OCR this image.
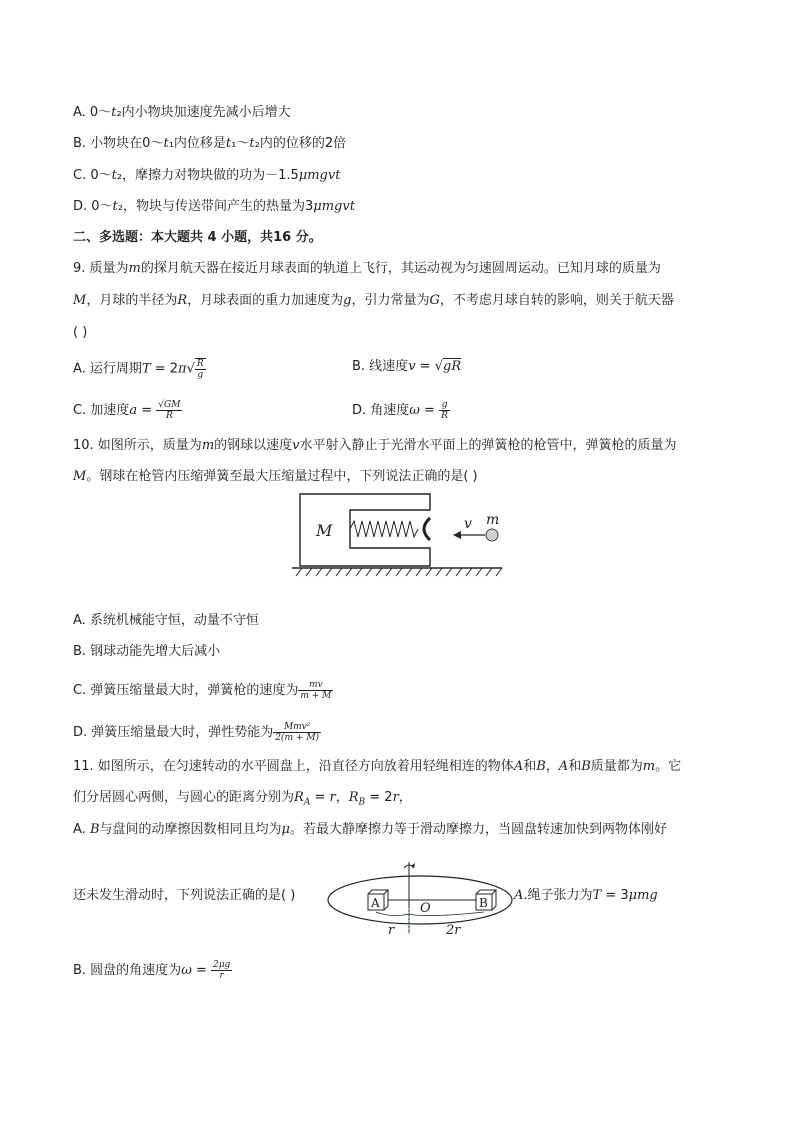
A. 0～t₂内小物块加速度先减小后增大
B. 小物块在0～t₁内位移是t₁～t₂内的位移的2倍
C. 0～t₂，摩擦力对物块做的功为－1.5μmgvt
D. 0～t₂，物块与传送带间产生的热量为3μmgvt
二、多选题：本大题共 4 小题，共16 分。
9. 质量为m的探月航天器在接近月球表面的轨道上飞行，其运动视为匀速圆周运动。已知月球的质量为
M，月球的半径为R，月球表面的重力加速度为g，引力常量为G，不考虑月球自转的影响，则关于航天器
( )
A. 运行周期$T = 2\pi√ \frac{R}{g}$	B. 线速度v = √gR
C. 加速度$a = \frac{√GM}{R}$	D. 角速度$\omega = \frac{g}{R}$
10. 如图所示，质量为m的钢球以速度v水平射入静止于光滑水平面上的弹簧枪的枪管中，弹簧枪的质量为
M。钢球在枪管内压缩弹簧至最大压缩量过程中，下列说法正确的是( )
M	v m
A. 系统机械能守恒，动量不守恒
B. 钢球动能先增大后减小
C. 弹簧压缩量最大时，弹簧枪的速度为 $\frac{mv}{m + M}$
D. 弹簧压缩量最大时，弹性势能为 $\frac{\text{Mmv²}}{2(m + M)}$
11. 如图所示，在匀速转动的水平圆盘上，沿直径方向放着用轻绳相连的物体A和B，A和B质量都为m。它
们分居圆心两侧，与圆心的距离分别为$R_A = r$，$R_B = 2r$，
A. B与盘间的动摩擦因数相同且均为μ。若最大静摩擦力等于滑动摩擦力，当圆盘转速加快到两物体刚好
还未发生滑动时，下列说法正确的是( )	A	B
O
r	2r
A.绳子张力为T = 3μmg
B. 圆盘的角速度为$\omega = \frac{2\mu g}{r}$
